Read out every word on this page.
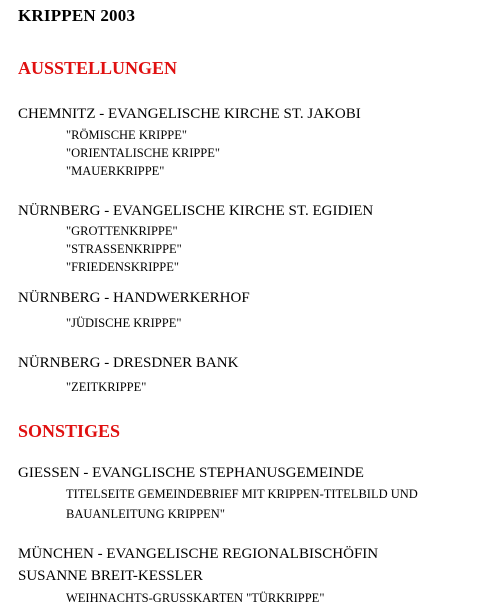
KRIPPEN 2003
AUSSTELLUNGEN
CHEMNITZ - EVANGELISCHE KIRCHE ST. JAKOBI
"RÖMISCHE KRIPPE"
"ORIENTALISCHE KRIPPE"
"MAUERKRIPPE"
NÜRNBERG - EVANGELISCHE KIRCHE ST. EGIDIEN
"GROTTENKRIPPE"
"STRASSENKRIPPE"
"FRIEDENSKRIPPE"
NÜRNBERG - HANDWERKERHOF
"JÜDISCHE KRIPPE"
NÜRNBERG - DRESDNER BANK
"ZEITKRIPPE"
SONSTIGES
GIESSEN - EVANGLISCHE STEPHANUSGEMEINDE
TITELSEITE GEMEINDEBRIEF MIT KRIPPEN-TITELBILD UND
BAUANLEITUNG KRIPPEN"
MÜNCHEN - EVANGELISCHE REGIONALBISCHÖFIN
SUSANNE BREIT-KESSLER
WEIHNACHTS-GRUSSKARTEN "TÜRKRIPPE"
